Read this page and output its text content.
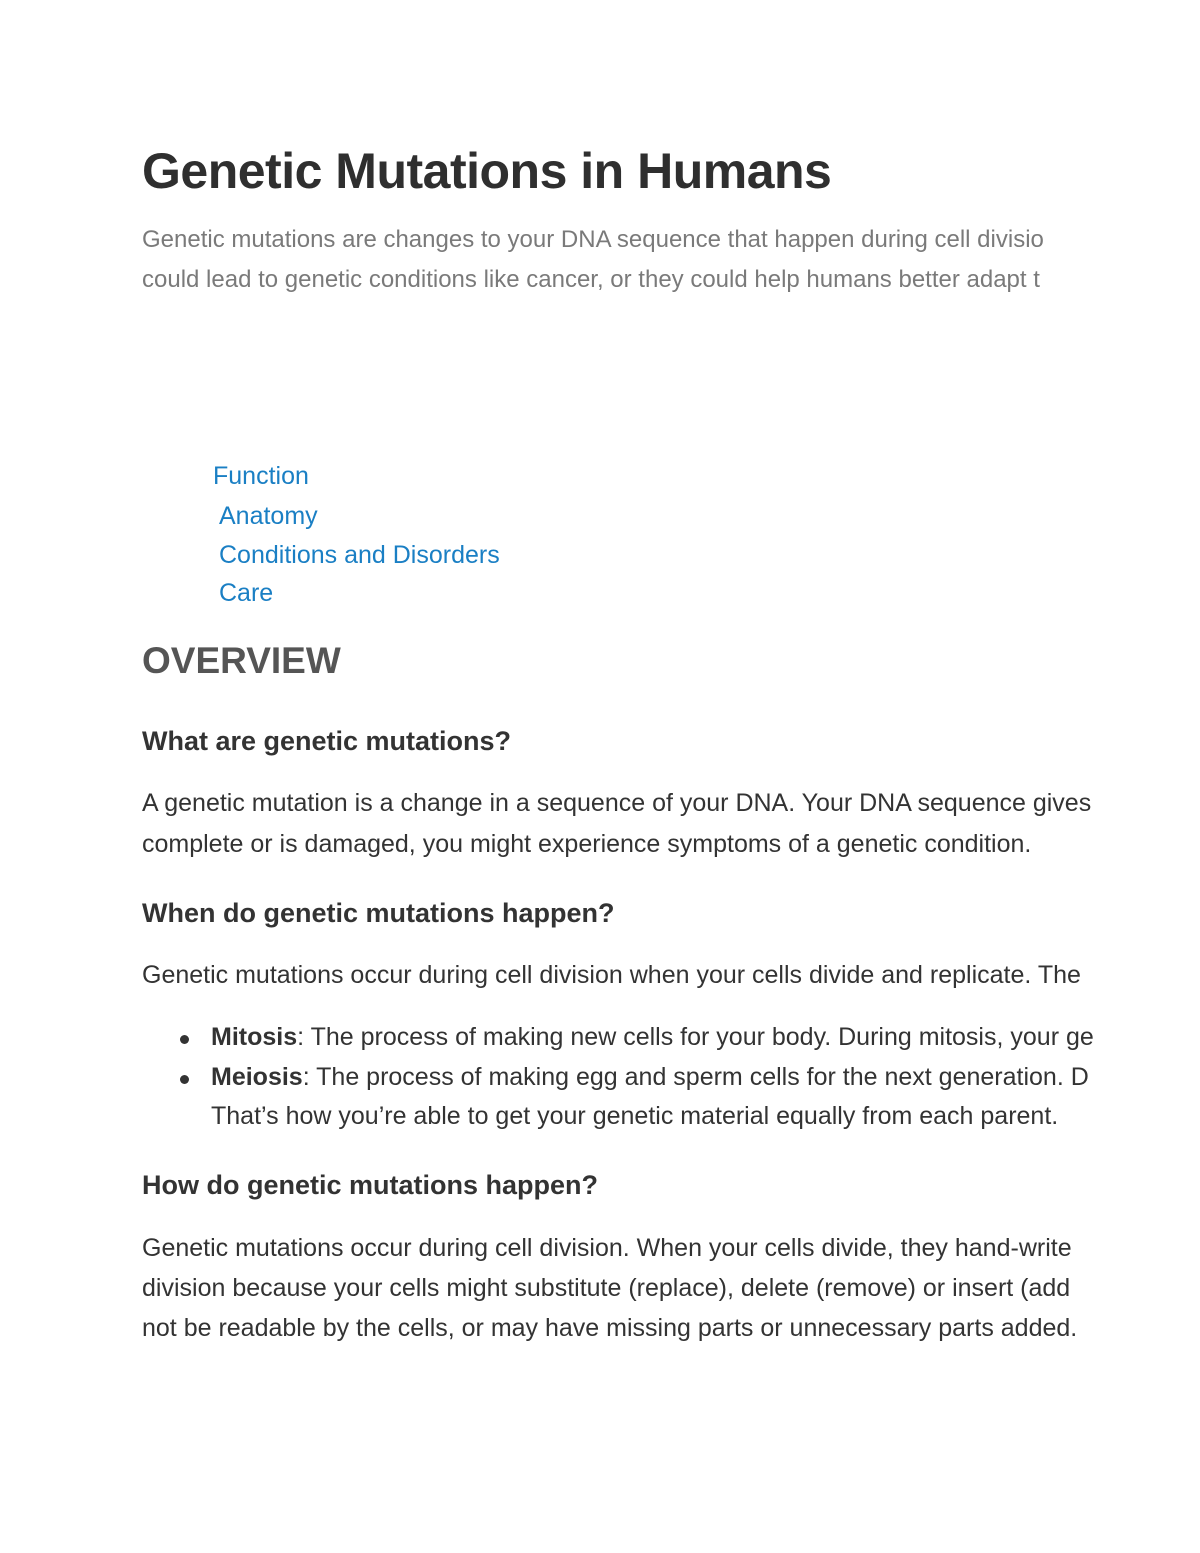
Genetic Mutations in Humans
Genetic mutations are changes to your DNA sequence that happen during cell divisio
could lead to genetic conditions like cancer, or they could help humans better adapt t
Function
Anatomy
Conditions and Disorders
Care
OVERVIEW
What are genetic mutations?
A genetic mutation is a change in a sequence of your DNA. Your DNA sequence gives
complete or is damaged, you might experience symptoms of a genetic condition.
When do genetic mutations happen?
Genetic mutations occur during cell division when your cells divide and replicate. The
Mitosis: The process of making new cells for your body. During mitosis, your ge
Meiosis: The process of making egg and sperm cells for the next generation. D
That’s how you’re able to get your genetic material equally from each parent.
How do genetic mutations happen?
Genetic mutations occur during cell division. When your cells divide, they hand-write
division because your cells might substitute (replace), delete (remove) or insert (add
not be readable by the cells, or may have missing parts or unnecessary parts added.
